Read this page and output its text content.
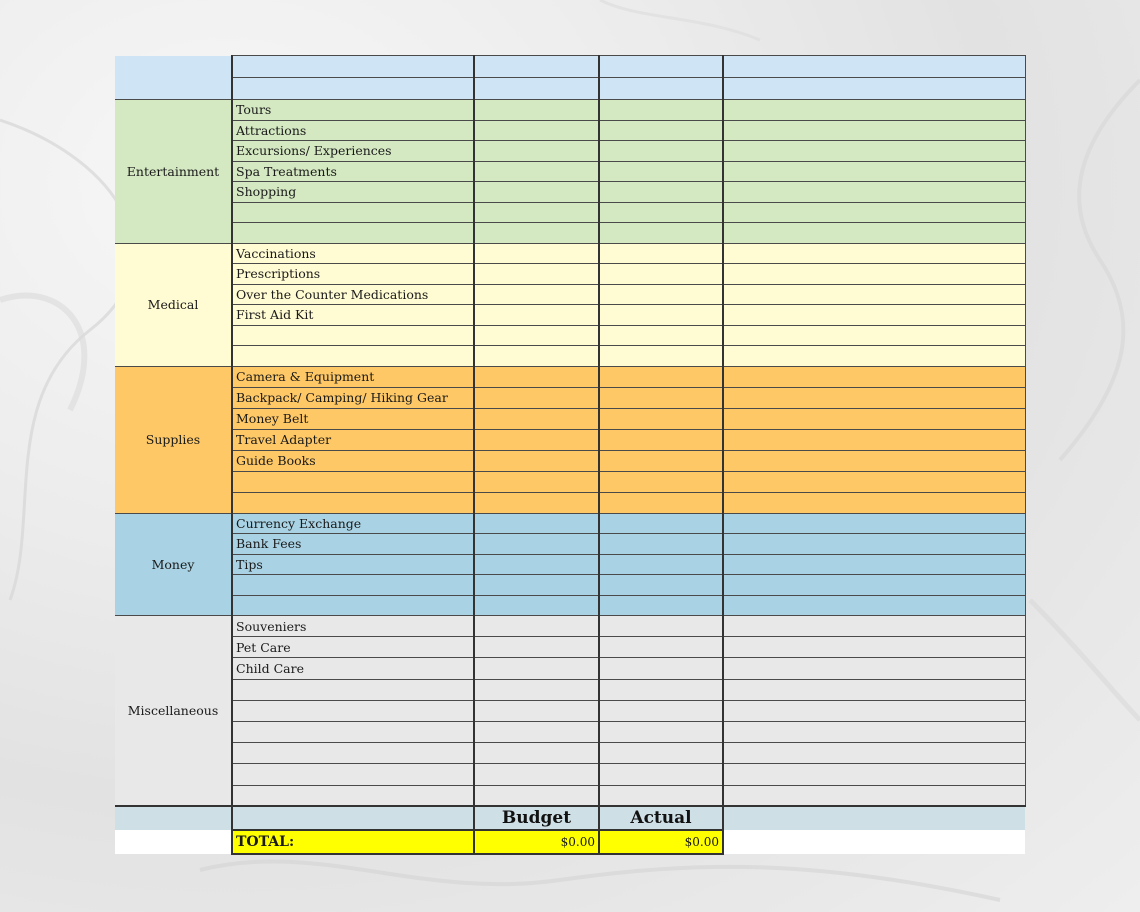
Entertainment	Tours			
	Attractions			
	Excursions/ Experiences			
	Spa Treatments			
	Shopping			

Medical	Vaccinations			
	Prescriptions			
	Over the Counter Medications			
	First Aid Kit			

Supplies	Camera & Equipment			
	Backpack/ Camping/ Hiking Gear			
	Money Belt			
	Travel Adapter			
	Guide Books			

Money	Currency Exchange			
	Bank Fees			
	Tips			

Miscellaneous	Souveniers			
	Pet Care			
	Child Care			

		Budget	Actual	
	TOTAL:	$0.00	$0.00	
